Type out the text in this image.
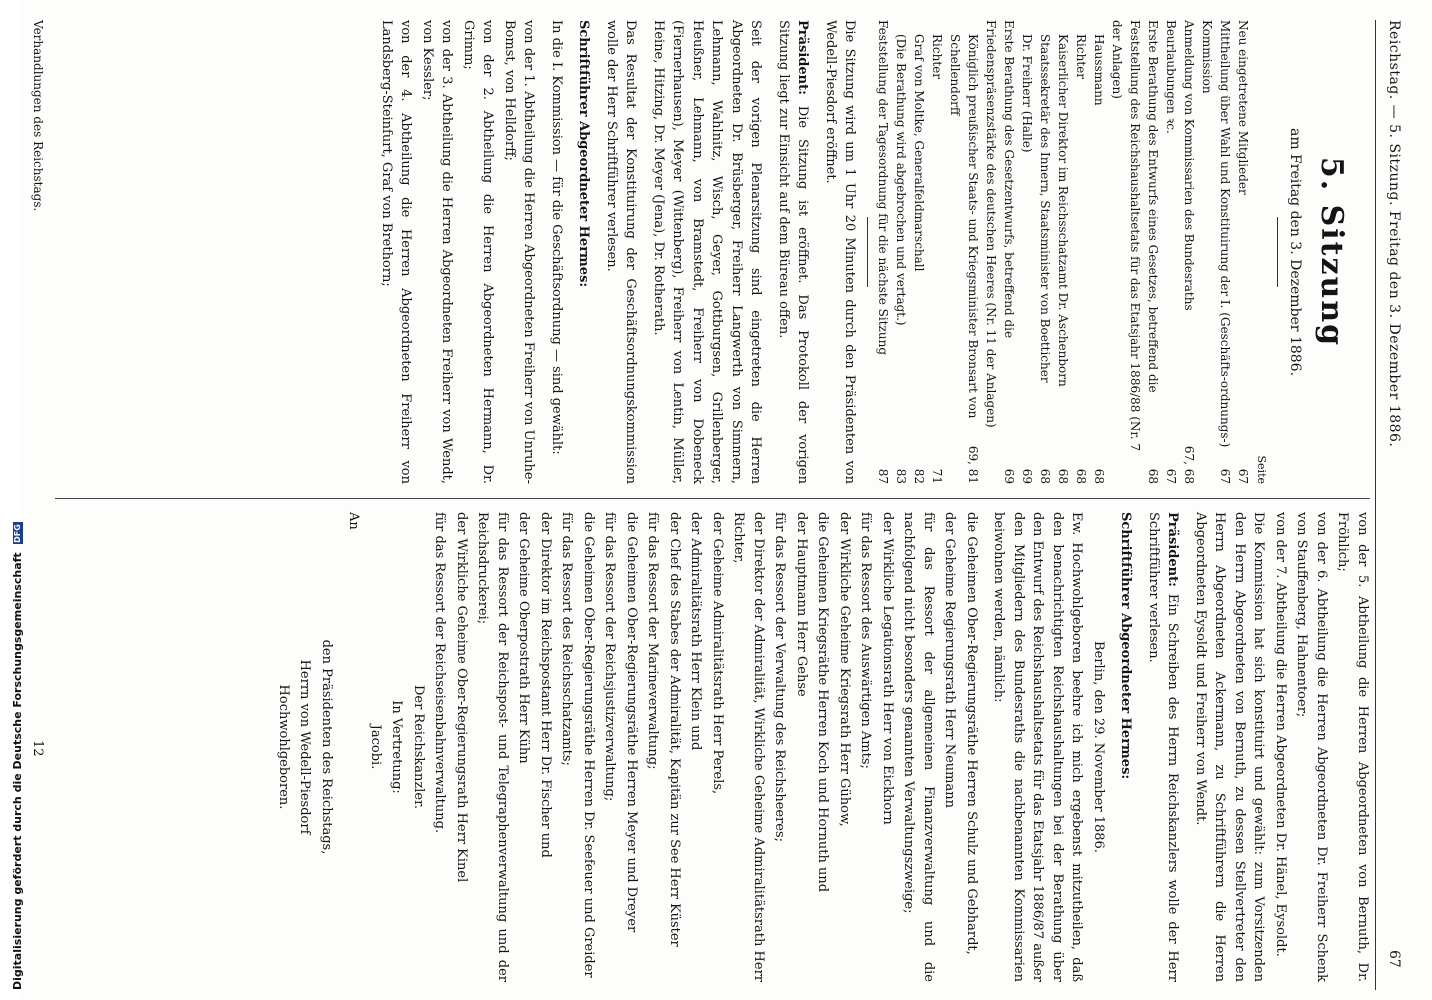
Digitalisierung gefördert durch die Deutsche Forschungsgemeinschaft DFG
Reichstag. — 5. Sitzung. Freitag den 3. Dezember 1886.
67
5. Sitzung
am Freitag den 3. Dezember 1886.
Seite
Neu eingetretene Mitglieder
67
Mittheilung über Wahl und Konstituirung der I. (Geschäfts-ordnungs-) Kommission
67
Anmeldung von Kommissarien des Bundesraths
67, 68
Beurlaubungen ꝛc.
67
Erste Berathung des Entwurfs eines Gesetzes, betreffend die Feststellung des Reichshaushaltsetats für das Etatsjahr 1886/88 (Nr. 7 der Anlagen)
68
Haussmann
68
Richter
68
Kaiserlicher Direktor im Reichsschatzamt Dr. Aschenborn
68
Staatssekretär des Innern, Staatsminister von Boetticher
68
Dr. Freiherr (Halle)
69
Erste Berathung des Gesetzentwurfs, betreffend die Friedenspräsenzstärke des deutschen Heeres (Nr. 11 der Anlagen)
69
Königlich preußischer Staats- und Kriegsminister Bronsart von Schellendorff
69, 81
Richter
71
Graf von Moltke, Generalfeldmarschall
82
(Die Berathung wird abgebrochen und vertagt.)
83
Feststellung der Tagesordnung für die nächste Sitzung
87

Die Sitzung wird um 1 Uhr 20 Minuten durch den Präsidenten von Wedell-Piesdorf eröffnet.

Präsident: Die Sitzung ist eröffnet. Das Protokoll der vorigen Sitzung liegt zur Einsicht auf dem Büreau offen.

Seit der vorigen Plenarsitzung sind eingetreten die Herren Abgeordneten Dr. Brüsberger, Freiherr Langwerth von Simmern, Lehmann, Wahlnitz, Wisch, Geyer, Gottburgsen, Grillenberger, Heußner, Lehmann, von Bramstedt, Freiherr von Dobeneck (Fiernerhausen), Meyer (Wittenberg), Freiherr von Lentin, Müller, Heine, Hitzing, Dr. Meyer (Jena), Dr. Rotherath.

Das Resultat der Konstituirung der Geschäftsordnungskommission wolle der Herr Schriftführer verlesen.

Schriftführer Abgeordneter Hermes:

In die I. Kommission — für die Geschäftsordnung — sind gewählt:

von der 1. Abtheilung die Herren Abgeordneten Freiherr von Unruhe-Bomst, von Helldorff;

von der 2. Abtheilung die Herren Abgeordneten Hermann, Dr. Grimm;

von der 3. Abtheilung die Herren Abgeordneten Freiherr von Wendt, von Kessler;

von der 4. Abtheilung die Herren Abgeordneten Freiherr von Landsberg-Steinfurt, Graf von Brethorn;

von der 5. Abtheilung die Herren Abgeordneten von Bernuth, Dr. Fröhlich;

von der 6. Abtheilung die Herren Abgeordneten Dr. Freiherr Schenk von Stauffenberg, Hahnentoer;

von der 7. Abtheilung die Herren Abgeordneten Dr. Hänel, Eysoldt.

Die Kommission hat sich konstituirt und gewählt: zum Vorsitzenden den Herrn Abgeordneten von Bernuth, zu dessen Stellvertreter den Herrn Abgeordneten Ackermann, zu Schriftführern die Herren Abgeordneten Eysoldt und Freiherr von Wendt.

Präsident: Ein Schreiben des Herrn Reichskanzlers wolle der Herr Schriftführer verlesen.

Schriftführer Abgeordneter Hermes:

Berlin, den 29. November 1886.

Ew. Hochwohlgeboren beehre ich mich ergebenst mitzutheilen, daß den benachrichtigten Reichshaushaltungen bei der Berathung über den Entwurf des Reichshaushaltsetats für das Etatsjahr 1886/87 außer den Mitgliedern des Bundesraths die nachbenannten Kommissarien beiwohnen werden, nämlich:

die Geheimen Ober-Regierungsräthe Herren Schulz und Gebhardt,

der Geheime Regierungsrath Herr Neumann

für das Ressort der allgemeinen Finanzverwaltung und die nachfolgend nicht besonders genannten Verwaltungszweige;

der Wirkliche Legationsrath Herr von Eickhorn

für das Ressort des Auswärtigen Amts;

der Wirkliche Geheime Kriegsrath Herr Gühow,

die Geheimen Kriegsräthe Herren Koch und Hornuth und

der Hauptmann Herr Gehse

für das Ressort der Verwaltung des Reichsheeres;

der Direktor der Admiralität, Wirkliche Geheime Admiralitätsrath Herr Richter,

der Geheime Admiralitätsrath Herr Perels,

der Admiralitätsrath Herr Klein und

der Chef des Stabes der Admiralität, Kapitän zur See Herr Küster

für das Ressort der Marineverwaltung;

die Geheimen Ober-Regierungsräthe Herren Meyer und Dreyer

für das Ressort der Reichsjustizverwaltung;

die Geheimen Ober-Regierungsräthe Herren Dr. Seefeuer und Greider

für das Ressort des Reichsschatzamts;

der Direktor im Reichspostamt Herr Dr. Fischer und

der Geheime Oberpostrath Herr Kühn

für das Ressort der Reichspost- und Telegraphenverwaltung und der Reichsdruckerei;

der Wirkliche Geheime Ober-Regierungsrath Herr Kinel

für das Ressort der Reichseisenbahnverwaltung.

Der Reichskanzler.

In Vertretung:

Jacobi.

An

den Präsidenten des Reichstags,

Herrn von Wedell-Piesdorf

Hochwohlgeboren.

Verhandlungen des Reichstags.
12
